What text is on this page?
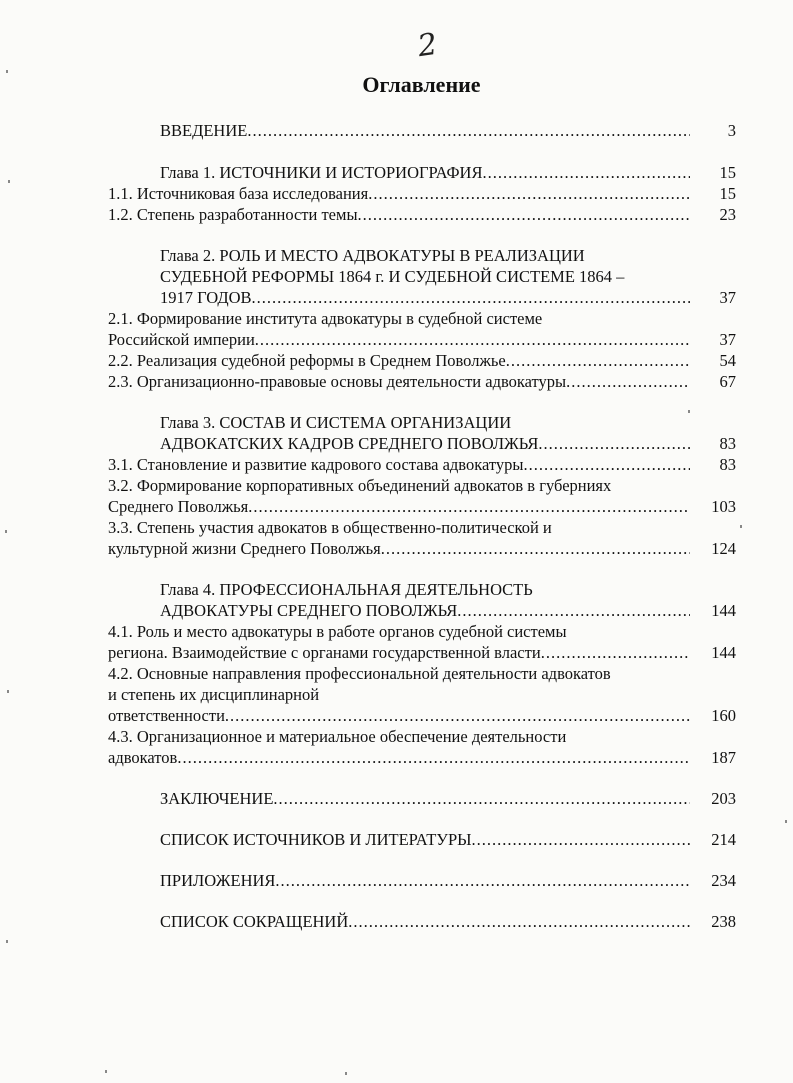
2
Оглавление
ВВЕДЕНИЕ .....	3
Глава 1. ИСТОЧНИКИ И ИСТОРИОГРАФИЯ .....	15
1.1. Источниковая база исследования .....	15
1.2. Степень разработанности темы .....	23
Глава 2. РОЛЬ И МЕСТО АДВОКАТУРЫ В РЕАЛИЗАЦИИ
СУДЕБНОЙ РЕФОРМЫ 1864 г. И СУДЕБНОЙ СИСТЕМЕ 1864 –
1917 ГОДОВ .....	37
2.1. Формирование института адвокатуры в судебной системе
Российской империи .....	37
2.2. Реализация судебной реформы в Среднем Поволжье .....	54
2.3. Организационно-правовые основы деятельности адвокатуры .....	67
Глава 3. СОСТАВ И СИСТЕМА ОРГАНИЗАЦИИ
АДВОКАТСКИХ КАДРОВ СРЕДНЕГО ПОВОЛЖЬЯ .....	83
3.1. Становление и развитие кадрового состава адвокатуры .....	83
3.2. Формирование корпоративных объединений адвокатов в губерниях
Среднего Поволжья .....	103
3.3. Степень участия адвокатов в общественно-политической и
культурной жизни Среднего Поволжья .....	124
Глава 4. ПРОФЕССИОНАЛЬНАЯ ДЕЯТЕЛЬНОСТЬ
АДВОКАТУРЫ СРЕДНЕГО ПОВОЛЖЬЯ .....	144
4.1. Роль и место адвокатуры в работе органов судебной системы
региона. Взаимодействие с органами государственной власти .....	144
4.2. Основные направления профессиональной деятельности адвокатов
и степень их дисциплинарной
ответственности .....	160
4.3. Организационное и материальное обеспечение деятельности
адвокатов .....	187
ЗАКЛЮЧЕНИЕ .....	203
СПИСОК ИСТОЧНИКОВ И ЛИТЕРАТУРЫ .....	214
ПРИЛОЖЕНИЯ .....	234
СПИСОК СОКРАЩЕНИЙ .....	238
